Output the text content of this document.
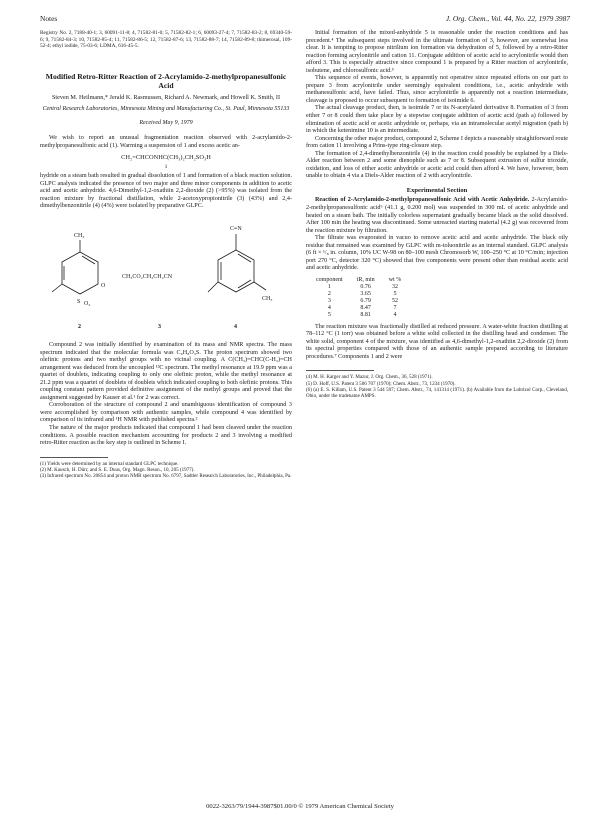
Notes	J. Org. Chem., Vol. 44, No. 22, 1979 3987

Registry No. 2, 7188-40-1; 3, 60091-11-8; 4, 71582-81-0; 5, 71582-82-1; 6, 60093-27-4; 7, 71582-83-2; 8, 69340-59-6; 9, 71582-84-3; 10, 71582-85-4; 11, 71582-86-5; 12, 71582-87-6; 13, 71582-88-7; 14, 71582-89-8; thimerosal, 109-52-4; ethyl iodide, 75-03-6; LDMA, 616-45-5.

Modified Retro-Ritter Reaction of 2-Acrylamido-2-methylpropanesulfonic Acid
Steven M. Heilmann,* Jerald K. Rasmussen, Richard A. Newmark, and Howell K. Smith, II
Central Research Laboratories, Minnesota Mining and Manufacturing Co., St. Paul, Minnesota 55133
Received May 9, 1979

We wish to report an unusual fragmentation reaction observed with 2-acrylamido-2-methylpropanesulfonic acid (1). Warming a suspension of 1 and excess acetic an-

CH₂=CHCONHC(CH₃)₂CH₂SO₃H
1

hydride on a steam bath resulted in gradual dissolution of 1 and formation of a black reaction solution. GLPC analysis indicated the presence of two major and three minor components in addition to acetic acid and acetic anhydride. 4,6-Dimethyl-1,2-oxathiin 2,2-dioxide (2) (>95%) was isolated from the reaction mixture by fractional distillation, while 2-acetoxypropionitrile (3) (43%) and 2,4-dimethylbenzonitrile (4) (4%) were isolated by preparative GLPC.

CH₃
O
S O₂
2
CH₃CO₂CH₂CH₂CN
3
C≡N
CH₃
4

Compound 2 was initially identified by examination of its mass and NMR spectra. The mass spectrum indicated that the molecular formula was C₆H₈O₃S. The proton spectrum showed two olefinic protons and two methyl groups with no vicinal coupling. A C(CH₃)=CHC(C-H₃)=CH arrangement was deduced from the uncoupled ¹³C spectrum. The methyl resonance at 19.9 ppm was a quartet of doublets, indicating coupling to only one olefinic proton, while the methyl resonance at 21.2 ppm was a quartet of doublets of doublets which indicated coupling to both olefinic protons. This coupling constant pattern provided definitive assignment of the methyl groups and proved that the assignment suggested by Kauser et al.¹ for 2 was correct.

Corroboration of the structure of compound 2 and unambiguous identification of compound 3 were accomplished by comparison with authentic samples, while compound 4 was identified by comparison of its infrared and ¹H NMR with published spectra.²

The nature of the major products indicated that compound 1 had been cleaved under the reaction conditions. A possible reaction mechanism accounting for products 2 and 3 involving a modified retro-Ritter reaction as the key step is outlined in Scheme I.

(1) Yields were determined by an internal standard GLPC technique.

(2) M. Kausch, H. Dürr, and S. E. Duus, Org. Magn. Reson., 10, 205 (1977).

(3) Infrared spectrum No. 20854 and proton NMR spectrum No. 6797, Sadtler Research Laboratories, Inc., Philadelphia, Pa.

Initial formation of the mixed-anhydride 5 is reasonable under the reaction conditions and has precedent.⁴ The subsequent steps involved in the ultimate formation of 3, however, are somewhat less clear. It is tempting to propose nitrilium ion formation via dehydration of 5, followed by a retro-Ritter reaction forming acrylonitrile and cation 11. Conjugate addition of acetic acid to acrylonitrile would then afford 3. This is especially attractive since compound 1 is prepared by a Ritter reaction of acrylonitrile, isobutene, and chlorosulfonic acid.⁵

This sequence of events, however, is apparently not operative since repeated efforts on our part to prepare 3 from acrylonitrile under seemingly equivalent conditions, i.e., acetic anhydride with methanesulfonic acid, have failed. Thus, since acrylonitrile is apparently not a reaction intermediate, cleavage is proposed to occur subsequent to formation of isoimide 6.

The actual cleavage product, then, is isoimide 7 or its N-acetylated derivative 8. Formation of 3 from either 7 or 8 could then take place by a stepwise conjugate addition of acetic acid (path a) followed by elimination of acetic acid or acetic anhydride or, perhaps, via an intramolecular acetyl migration (path b) in which the ketenimine 10 is an intermediate.

Concerning the other major product, compound 2, Scheme I depicts a reasonably straightforward route from cation 11 involving a Prins-type ring-closure step.

The formation of 2,4-dimethylbenzonitrile (4) in the reaction could possibly be explained by a Diels-Alder reaction between 2 and some dienophile such as 7 or 8. Subsequent extrusion of sulfur trioxide, oxidation, and loss of either acetic anhydride or acetic acid could then afford 4. We have, however, been unable to obtain 4 via a Diels-Alder reaction of 2 with acrylonitrile.

Experimental Section

Reaction of 2-Acrylamido-2-methylpropanesulfonic Acid with Acetic Anhydride. 2-Acrylamido-2-methylpropanesulfonic acid⁶ (41.1 g, 0.200 mol) was suspended in 300 mL of acetic anhydride and heated on a steam bath. The initially colorless supernatant gradually became black as the solid dissolved. After 100 min the heating was discontinued. Some unreacted starting material (4.2 g) was recovered from the reaction mixture by filtration.

The filtrate was evaporated in vacuo to remove acetic acid and acetic anhydride. The black oily residue that remained was examined by GLPC with m-toluonitrile as an internal standard. GLPC analysis (6 ft × ¹/₈ in. column, 10% UC W-98 on 80–100 mesh Chromosorb W, 100–250 °C at 10 °C/min; injection port 270 °C, detector 320 °C) showed that five components were present other than residual acetic acid and acetic anhydride.

component	tR, min	wt %
1	0.76	32
2	3.65	5
3	6.79	52
4	8.47	7
5	8.81	4

The reaction mixture was fractionally distilled at reduced pressure. A water-white fraction distilling at 78–112 °C (1 torr) was obtained before a white solid collected in the distilling head and condenser. The white solid, component 4 of the mixture, was identified as 4,6-dimethyl-1,2-oxathiin 2,2-dioxide (2) from its spectral properties compared with those of an authentic sample prepared according to literature procedures.⁷ Components 1 and 2 were

(4) M. H. Karger and Y. Mazur, J. Org. Chem., 36, 528 (1971).

(5) D. Hoff, U.S. Patent 3 506 707 (1970); Chem. Abstr., 73, 1234 (1970).

(6) (a) E. S. Killam, U.S. Patent 3 544 597; Chem. Abstr., 74, 141314 (1971). (b) Available from the Lubrizol Corp., Cleveland, Ohio, under the tradename AMPS.

0022-3263/79/1944-3987$01.00/0 © 1979 American Chemical Society
